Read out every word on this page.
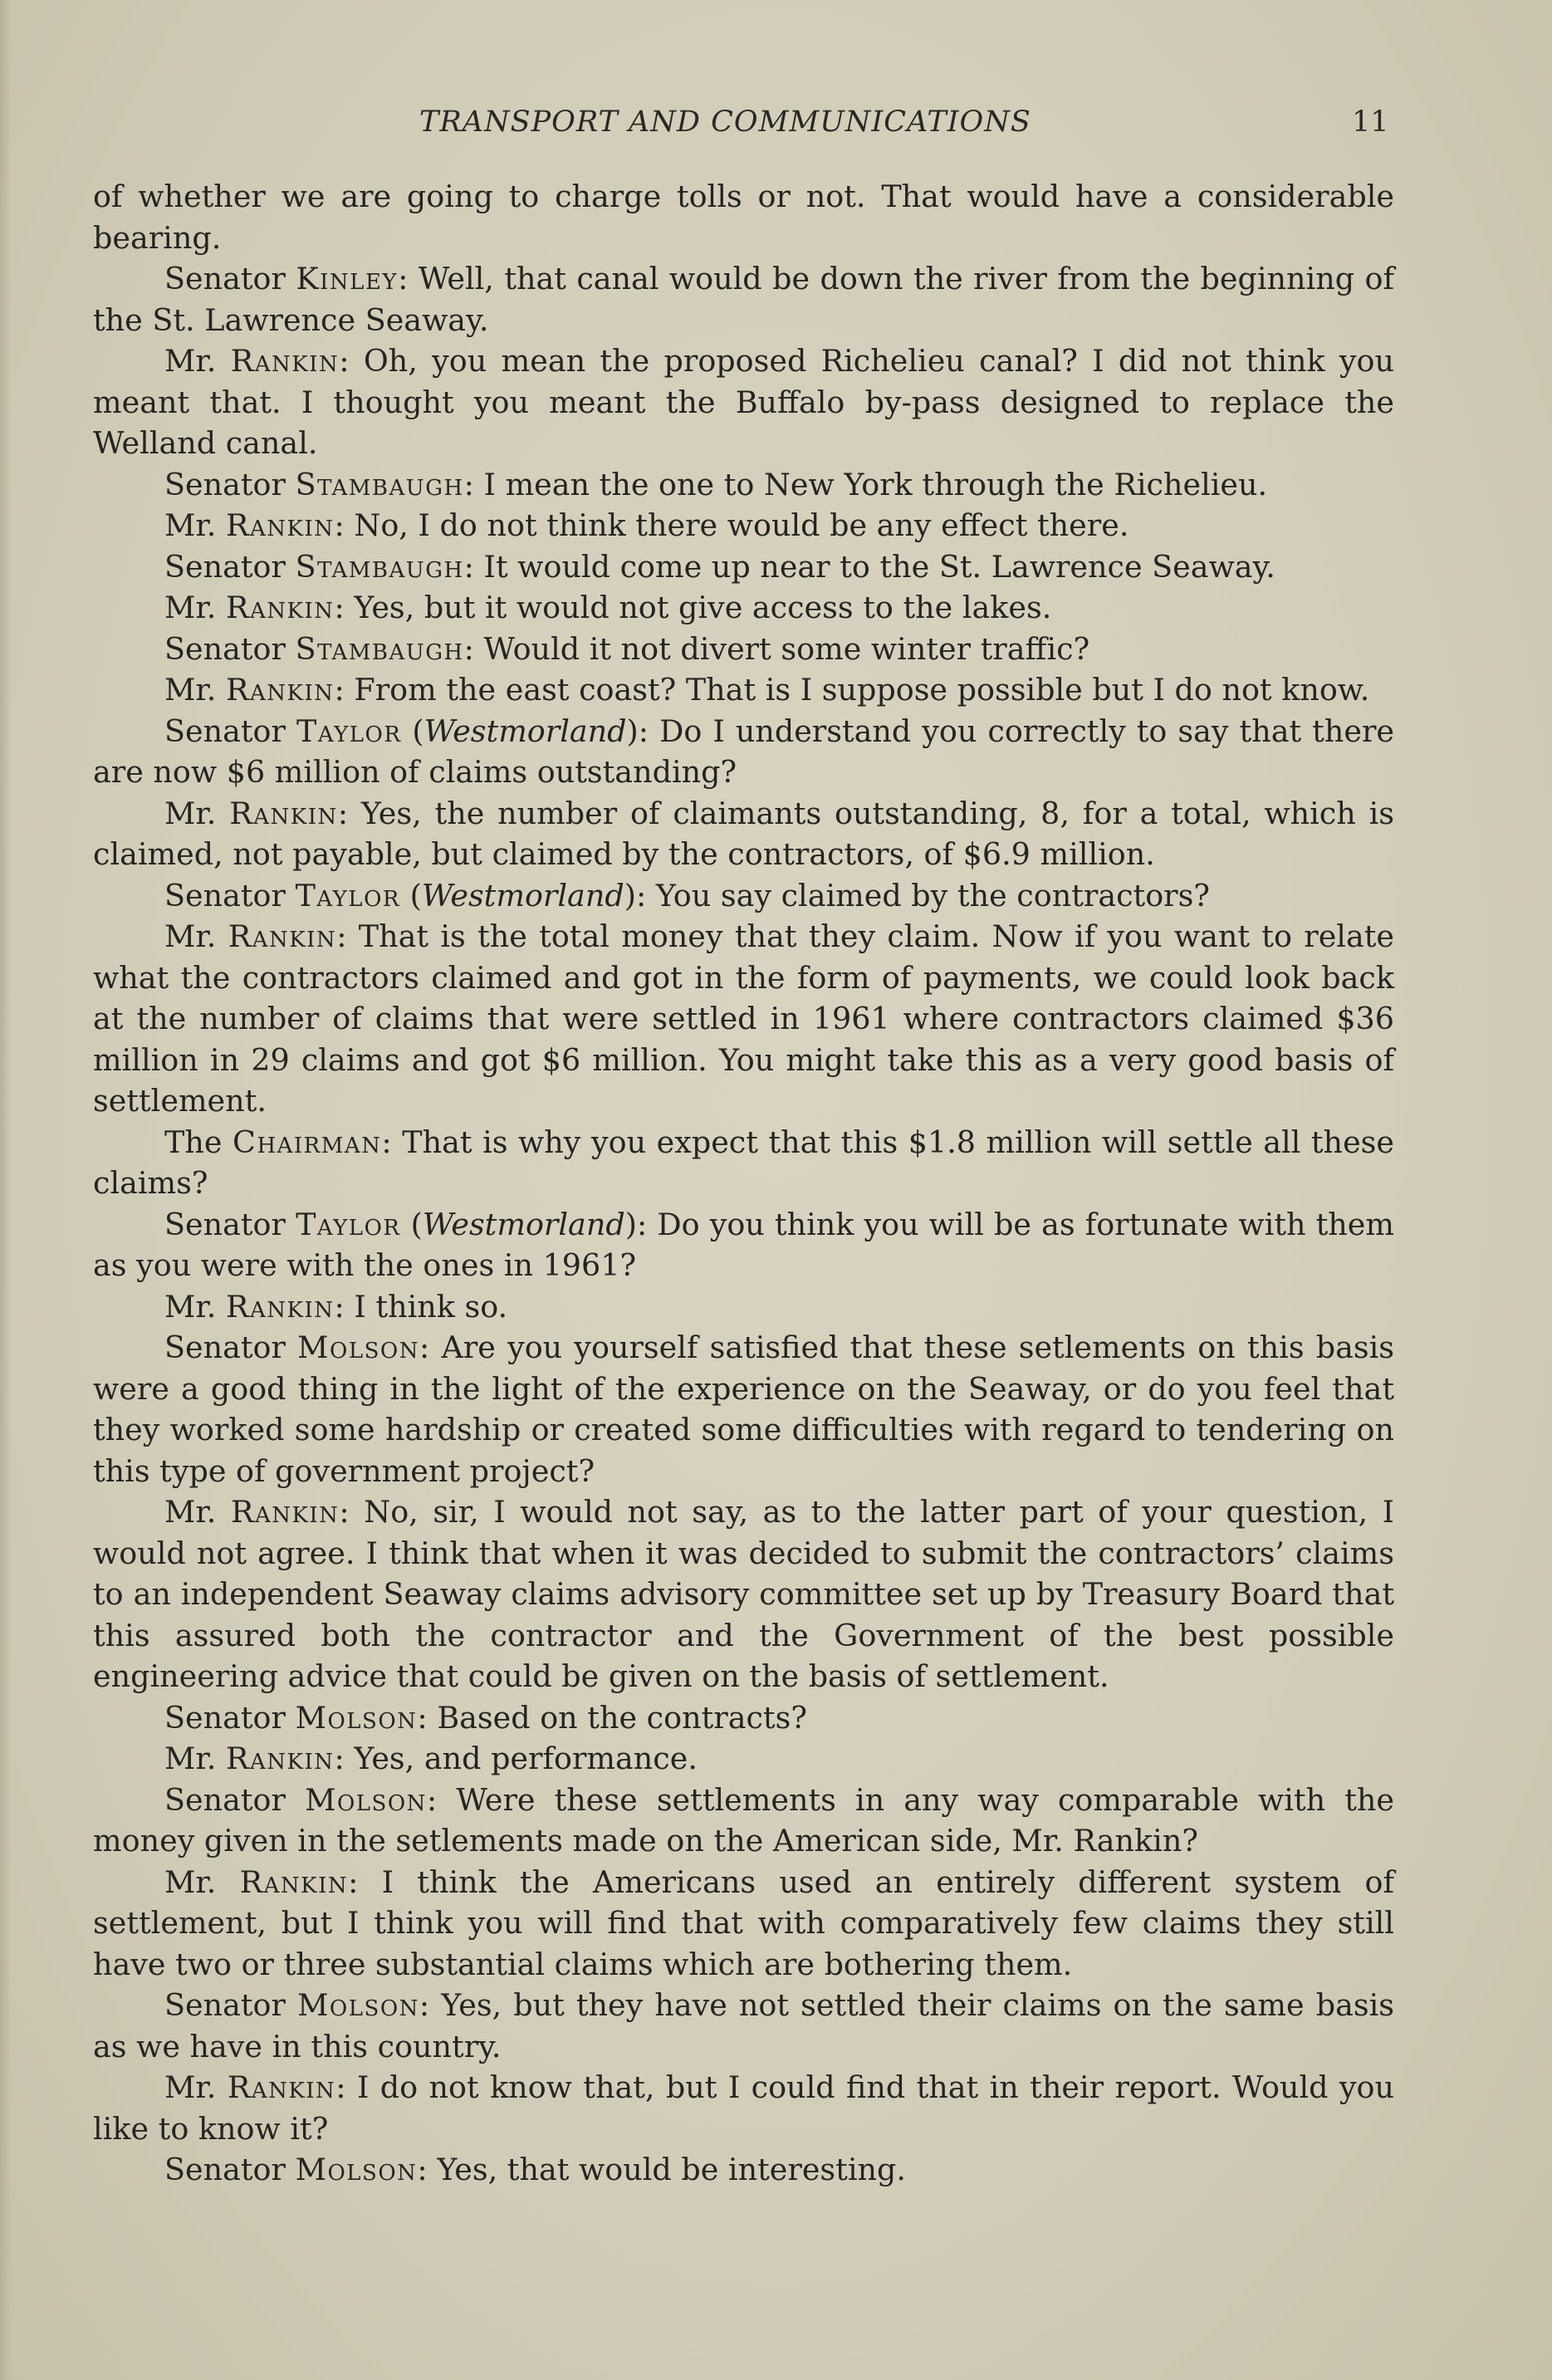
TRANSPORT AND COMMUNICATIONS	11

of whether we are going to charge tolls or not. That would have a considerable bearing.

Senator Kinley: Well, that canal would be down the river from the beginning of the St. Lawrence Seaway.

Mr. Rankin: Oh, you mean the proposed Richelieu canal? I did not think you meant that. I thought you meant the Buffalo by-pass designed to replace the Welland canal.

Senator Stambaugh: I mean the one to New York through the Richelieu.

Mr. Rankin: No, I do not think there would be any effect there.

Senator Stambaugh: It would come up near to the St. Lawrence Seaway.

Mr. Rankin: Yes, but it would not give access to the lakes.

Senator Stambaugh: Would it not divert some winter traffic?

Mr. Rankin: From the east coast? That is I suppose possible but I do not know.

Senator Taylor (Westmorland): Do I understand you correctly to say that there are now $6 million of claims outstanding?

Mr. Rankin: Yes, the number of claimants outstanding, 8, for a total, which is claimed, not payable, but claimed by the contractors, of $6.9 million.

Senator Taylor (Westmorland): You say claimed by the contractors?

Mr. Rankin: That is the total money that they claim. Now if you want to relate what the contractors claimed and got in the form of payments, we could look back at the number of claims that were settled in 1961 where contractors claimed $36 million in 29 claims and got $6 million. You might take this as a very good basis of settlement.

The Chairman: That is why you expect that this $1.8 million will settle all these claims?

Senator Taylor (Westmorland): Do you think you will be as fortunate with them as you were with the ones in 1961?

Mr. Rankin: I think so.

Senator Molson: Are you yourself satisfied that these setlements on this basis were a good thing in the light of the experience on the Seaway, or do you feel that they worked some hardship or created some difficulties with regard to tendering on this type of government project?

Mr. Rankin: No, sir, I would not say, as to the latter part of your question, I would not agree. I think that when it was decided to submit the contractors’ claims to an independent Seaway claims advisory committee set up by Treasury Board that this assured both the contractor and the Government of the best possible engineering advice that could be given on the basis of settlement.

Senator Molson: Based on the contracts?

Mr. Rankin: Yes, and performance.

Senator Molson: Were these settlements in any way comparable with the money given in the setlements made on the American side, Mr. Rankin?

Mr. Rankin: I think the Americans used an entirely different system of settlement, but I think you will find that with comparatively few claims they still have two or three substantial claims which are bothering them.

Senator Molson: Yes, but they have not settled their claims on the same basis as we have in this country.

Mr. Rankin: I do not know that, but I could find that in their report. Would you like to know it?

Senator Molson: Yes, that would be interesting.
